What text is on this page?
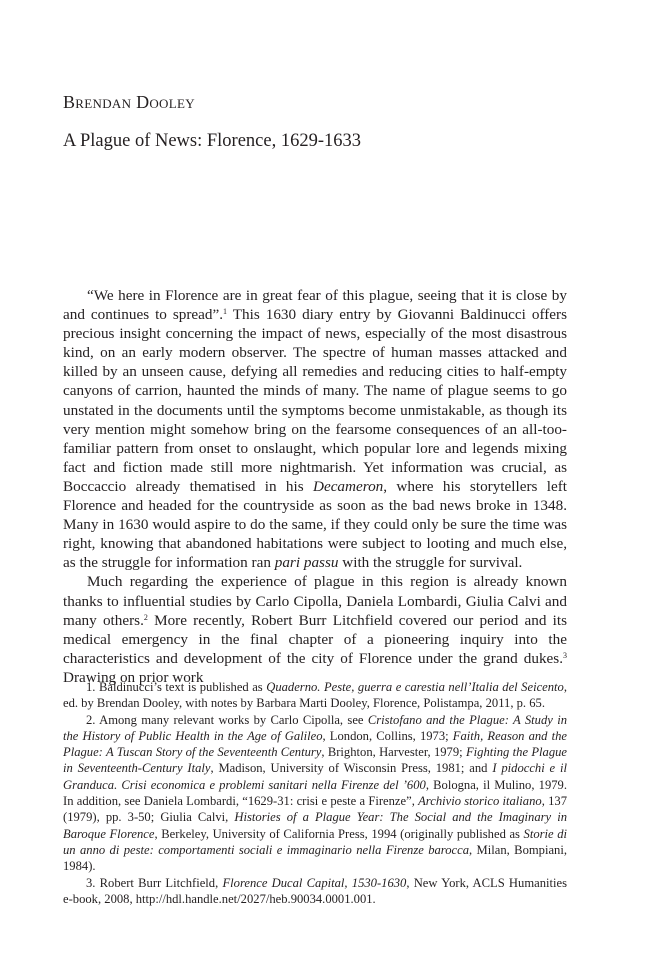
Brendan Dooley
A Plague of News: Florence, 1629-1633

“We here in Florence are in great fear of this plague, seeing that it is close by and continues to spread”.$^1$ This 1630 diary entry by Giovanni Baldinucci offers precious insight concerning the impact of news, especially of the most disastrous kind, on an early modern observer. The spectre of human masses attacked and killed by an unseen cause, defying all remedies and reducing cities to half-empty canyons of carrion, haunted the minds of many. The name of plague seems to go unstated in the documents until the symptoms become unmistakable, as though its very mention might somehow bring on the fearsome consequences of an all-too-familiar pattern from onset to onslaught, which popular lore and legends mixing fact and fiction made still more nightmarish. Yet information was crucial, as Boccaccio already thematised in his Decameron, where his storytellers left Florence and headed for the countryside as soon as the bad news broke in 1348. Many in 1630 would aspire to do the same, if they could only be sure the time was right, knowing that abandoned habitations were subject to looting and much else, as the struggle for information ran pari passu with the struggle for survival.

Much regarding the experience of plague in this region is already known thanks to influential studies by Carlo Cipolla, Daniela Lombardi, Giulia Calvi and many others.$^2$ More recently, Robert Burr Litchfield covered our period and its medical emergency in the final chapter of a pioneering inquiry into the characteristics and development of the city of Florence under the grand dukes.$^3$ Drawing on prior work

1. Baldinucci’s text is published as Quaderno. Peste, guerra e carestia nell’Italia del Seicento, ed. by Brendan Dooley, with notes by Barbara Marti Dooley, Florence, Polistampa, 2011, p. 65.

2. Among many relevant works by Carlo Cipolla, see Cristofano and the Plague: A Study in the History of Public Health in the Age of Galileo, London, Collins, 1973; Faith, Reason and the Plague: A Tuscan Story of the Seventeenth Century, Brighton, Harvester, 1979; Fighting the Plague in Seventeenth-Century Italy, Madison, University of Wisconsin Press, 1981; and I pidocchi e il Granduca. Crisi economica e problemi sanitari nella Firenze del ’600, Bologna, il Mulino, 1979. In addition, see Daniela Lombardi, “1629-31: crisi e peste a Firenze”, Archivio storico italiano, 137 (1979), pp. 3-50; Giulia Calvi, Histories of a Plague Year: The Social and the Imaginary in Baroque Florence, Berkeley, University of California Press, 1994 (originally published as Storie di un anno di peste: comportamenti sociali e immaginario nella Firenze barocca, Milan, Bompiani, 1984).

3. Robert Burr Litchfield, Florence Ducal Capital, 1530-1630, New York, ACLS Humanities e-book, 2008, http://hdl.handle.net/2027/heb.90034.0001.001.
